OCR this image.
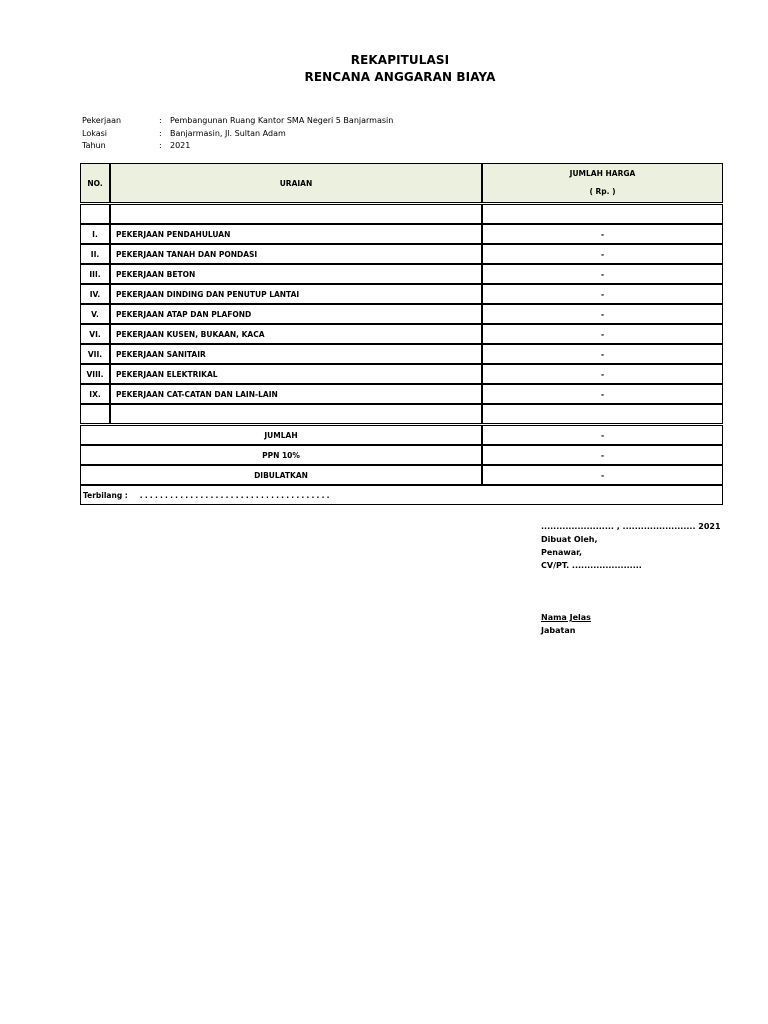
REKAPITULASI
RENCANA ANGGARAN BIAYA
Pekerjaan	:	Pembangunan Ruang Kantor SMA Negeri 5 Banjarmasin
Lokasi	:	Banjarmasin, Jl. Sultan Adam
Tahun	:	2021
NO.	URAIAN	JUMLAH HARGA
( Rp. )

I.	PEKERJAAN PENDAHULUAN	-
II.	PEKERJAAN TANAH DAN PONDASI	-
III.	PEKERJAAN BETON	-
IV.	PEKERJAAN DINDING DAN PENUTUP LANTAI	-
V.	PEKERJAAN ATAP DAN PLAFOND	-
VI.	PEKERJAAN KUSEN, BUKAAN, KACA	-
VII.	PEKERJAAN SANITAIR	-
VIII.	PEKERJAAN ELEKTRIKAL	-
IX.	PEKERJAAN CAT-CATAN DAN LAIN-LAIN	-

JUMLAH		-
PPN 10%		-
DIBULATKAN		-
Terbilang : ......................................		
........................ , ........................ 2021
Dibuat Oleh,
Penawar,
CV/PT. .......................
Nama Jelas
Jabatan
